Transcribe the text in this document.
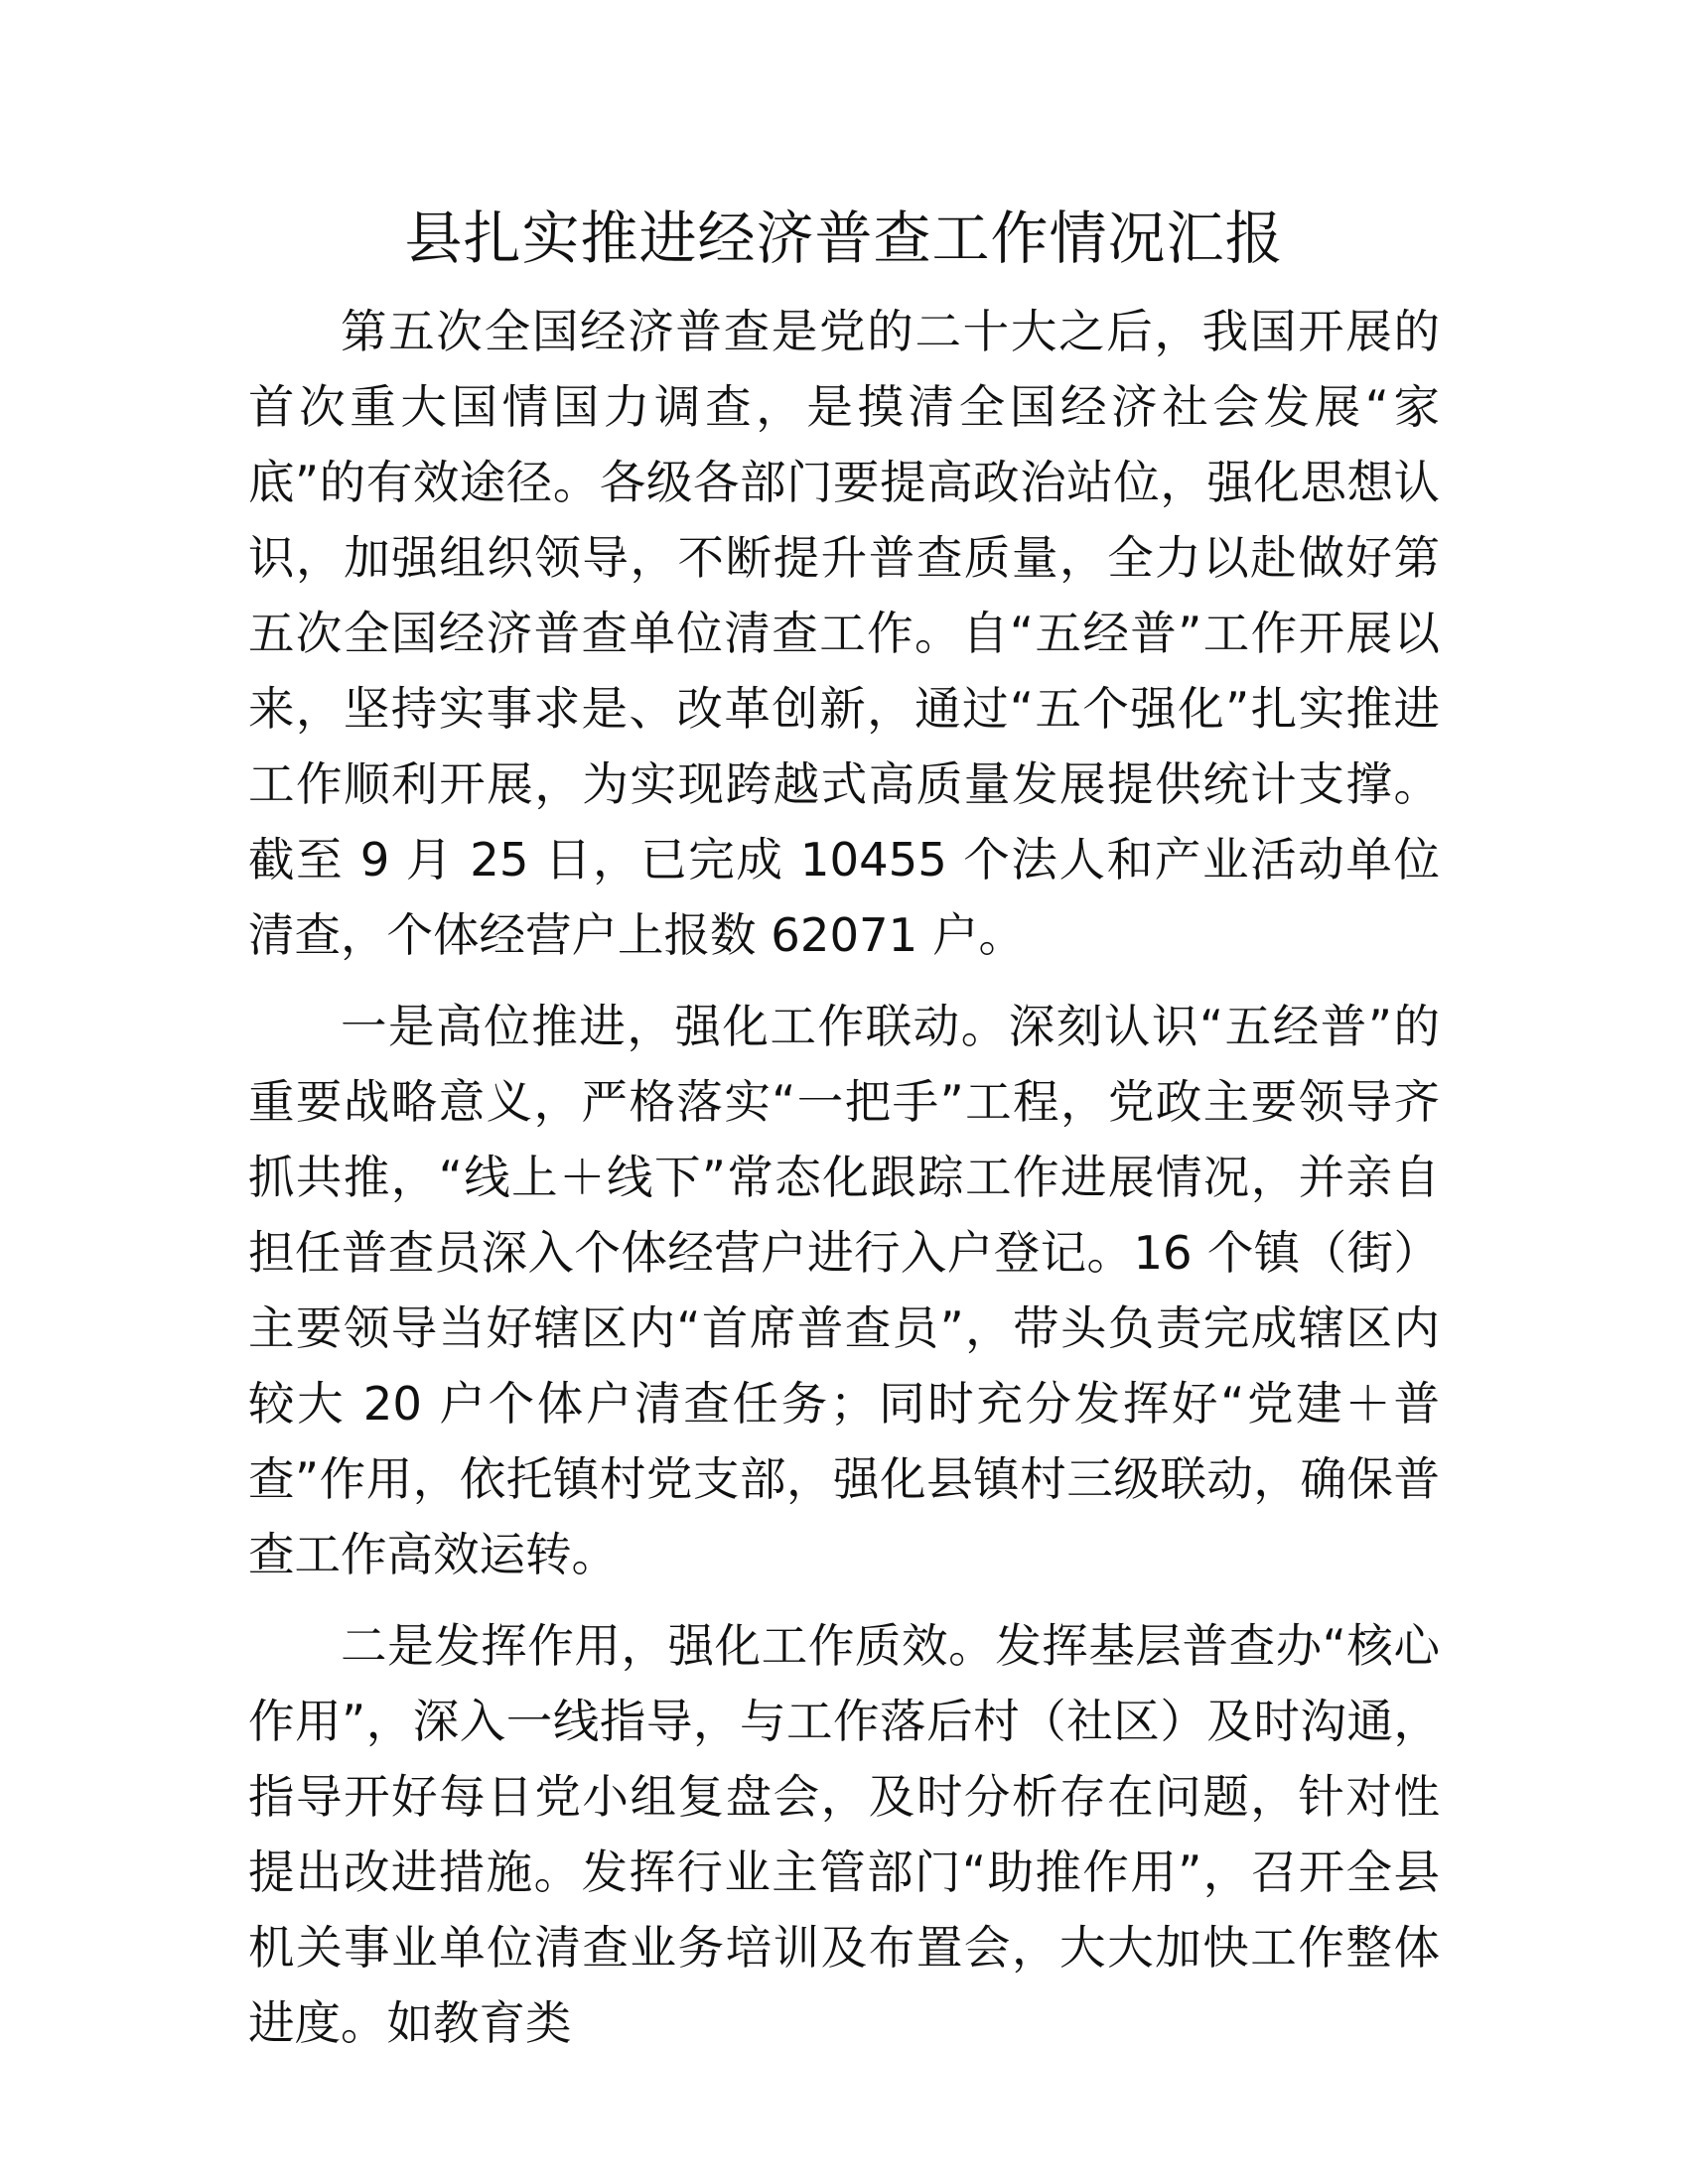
县扎实推进经济普查工作情况汇报

第五次全国经济普查是党的二十大之后，我国开展的首次重大国情国力调查，是摸清全国经济社会发展“家底”的有效途径。各级各部门要提高政治站位，强化思想认识，加强组织领导，不断提升普查质量，全力以赴做好第五次全国经济普查单位清查工作。自“五经普”工作开展以来，坚持实事求是、改革创新，通过“五个强化”扎实推进工作顺利开展，为实现跨越式高质量发展提供统计支撑。截至 9 月 25 日，已完成 10455 个法人和产业活动单位清查，个体经营户上报数 62071 户。

一是高位推进，强化工作联动。深刻认识“五经普”的重要战略意义，严格落实“一把手”工程，党政主要领导齐抓共推，“线上＋线下”常态化跟踪工作进展情况，并亲自担任普查员深入个体经营户进行入户登记。16 个镇（街）主要领导当好辖区内“首席普查员”，带头负责完成辖区内较大 20 户个体户清查任务；同时充分发挥好“党建＋普查”作用，依托镇村党支部，强化县镇村三级联动，确保普查工作高效运转。

二是发挥作用，强化工作质效。发挥基层普查办“核心作用”，深入一线指导，与工作落后村（社区）及时沟通，指导开好每日党小组复盘会，及时分析存在问题，针对性提出改进措施。发挥行业主管部门“助推作用”，召开全县机关事业单位清查业务培训及布置会，大大加快工作整体进度。如教育类
